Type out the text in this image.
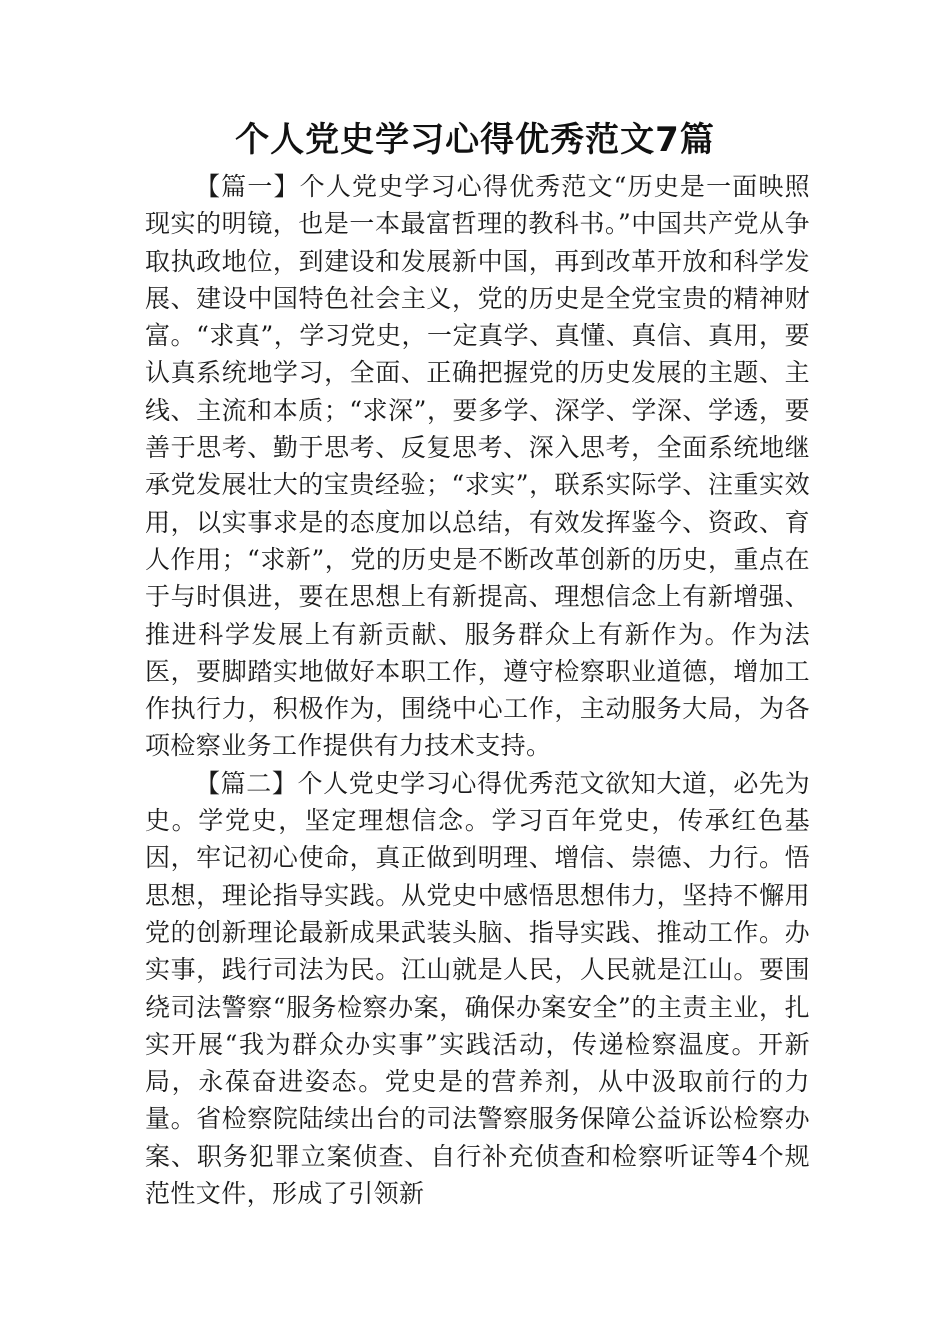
个人党史学习心得优秀范文7篇

【篇一】个人党史学习心得优秀范文“历史是一面映照现实的明镜，也是一本最富哲理的教科书。”中国共产党从争取执政地位，到建设和发展新中国，再到改革开放和科学发展、建设中国特色社会主义，党的历史是全党宝贵的精神财富。“求真”，学习党史，一定真学、真懂、真信、真用，要认真系统地学习，全面、正确把握党的历史发展的主题、主线、主流和本质；“求深”，要多学、深学、学深、学透，要善于思考、勤于思考、反复思考、深入思考，全面系统地继承党发展壮大的宝贵经验；“求实”，联系实际学、注重实效用，以实事求是的态度加以总结，有效发挥鉴今、资政、育人作用；“求新”，党的历史是不断改革创新的历史，重点在于与时俱进，要在思想上有新提高、理想信念上有新增强、推进科学发展上有新贡献、服务群众上有新作为。作为法医，要脚踏实地做好本职工作，遵守检察职业道德，增加工作执行力，积极作为，围绕中心工作，主动服务大局，为各项检察业务工作提供有力技术支持。

【篇二】个人党史学习心得优秀范文欲知大道，必先为史。学党史，坚定理想信念。学习百年党史，传承红色基因，牢记初心使命，真正做到明理、增信、崇德、力行。悟思想，理论指导实践。从党史中感悟思想伟力，坚持不懈用党的创新理论最新成果武装头脑、指导实践、推动工作。办实事，践行司法为民。江山就是人民，人民就是江山。要围绕司法警察“服务检察办案，确保办案安全”的主责主业，扎实开展“我为群众办实事”实践活动，传递检察温度。开新局，永葆奋进姿态。党史是的营养剂，从中汲取前行的力量。省检察院陆续出台的司法警察服务保障公益诉讼检察办案、职务犯罪立案侦查、自行补充侦查和检察听证等4个规范性文件，形成了引领新
